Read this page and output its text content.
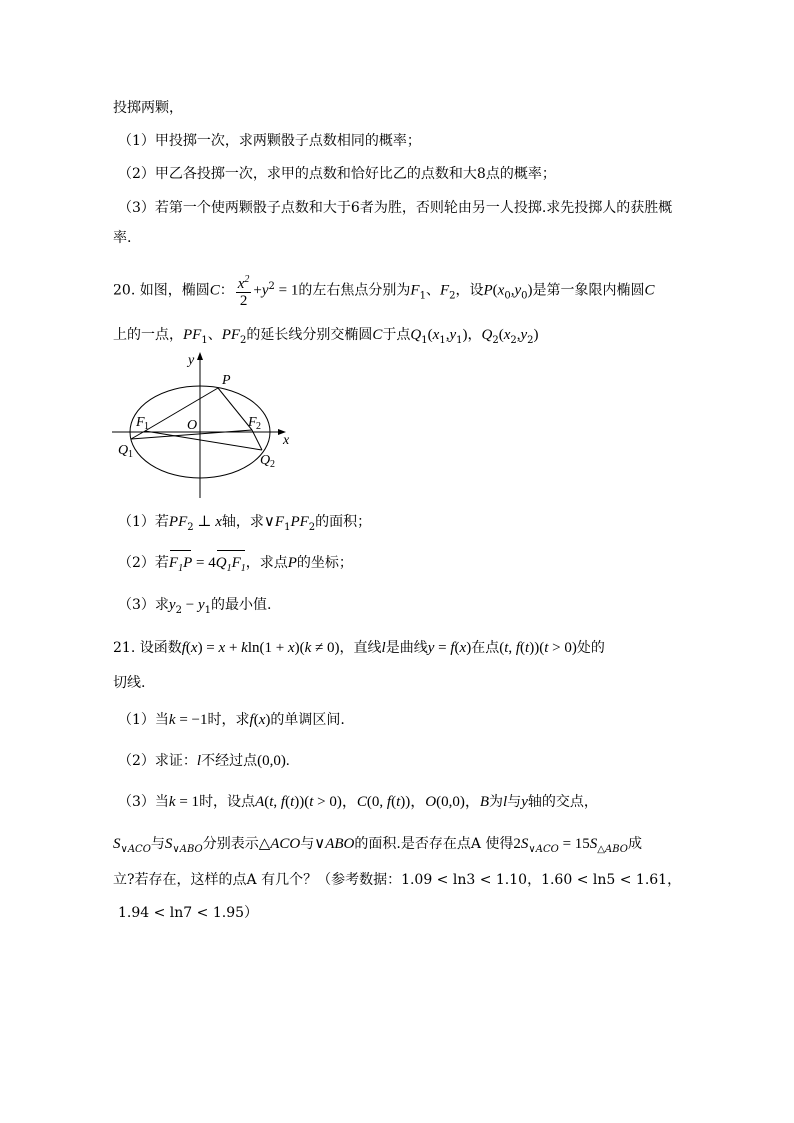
投掷两颗，
（1）甲投掷一次，求两颗骰子点数相同的概率；
（2）甲乙各投掷一次，求甲的点数和恰好比乙的点数和大8点的概率；
（3）若第一个使两颗骰子点数和大于6者为胜，否则轮由另一人投掷.求先投掷人的获胜概
率.
20. 如图，椭圆C： $\frac{x^2}{2} +y^2 = 1$的左右焦点分别为$F_1$、$F_2$，设$P(x_0,y_0)$是第一象限内椭圆C
上的一点，$PF_1$、$PF_2$的延长线分别交椭圆C于点$Q_1(x_1,y_1)$，$Q_2(x_2,y_2)$
y
x
P
O
F 1	F 2
Q 1	Q 2
（1）若$PF_2$ ⊥ x轴，求$\vee F_1PF_2$的面积；
（2）若$F_1P = 4Q_1F_1$，求点P的坐标；
（3）求$y_2 - y_1$的最小值.
21. 设函数f(x) = x + kln(1 + x)(k ≠ 0)，直线l是曲线y = f(x)在点(t, f(t))(t > 0)处的
切线.
（1）当k = −1时，求f(x)的单调区间.
（2）求证：l不经过点(0,0).
（3）当k = 1时，设点A(t, f(t))(t > 0)，C(0, f(t))，O(0,0)，B为l与y轴的交点，
$S_{\vee ACO}$与$S_{\vee ABO}$分别表示△ACO与∨ABO的面积.是否存在点A 使得$2S_{\vee ACO} = 15S_{\triangle ABO}$成
立?若存在，这样的点A 有几个？（参考数据：1.09 < ln3 < 1.10，1.60 < ln5 < 1.61，
1.94 < ln7 < 1.95）
